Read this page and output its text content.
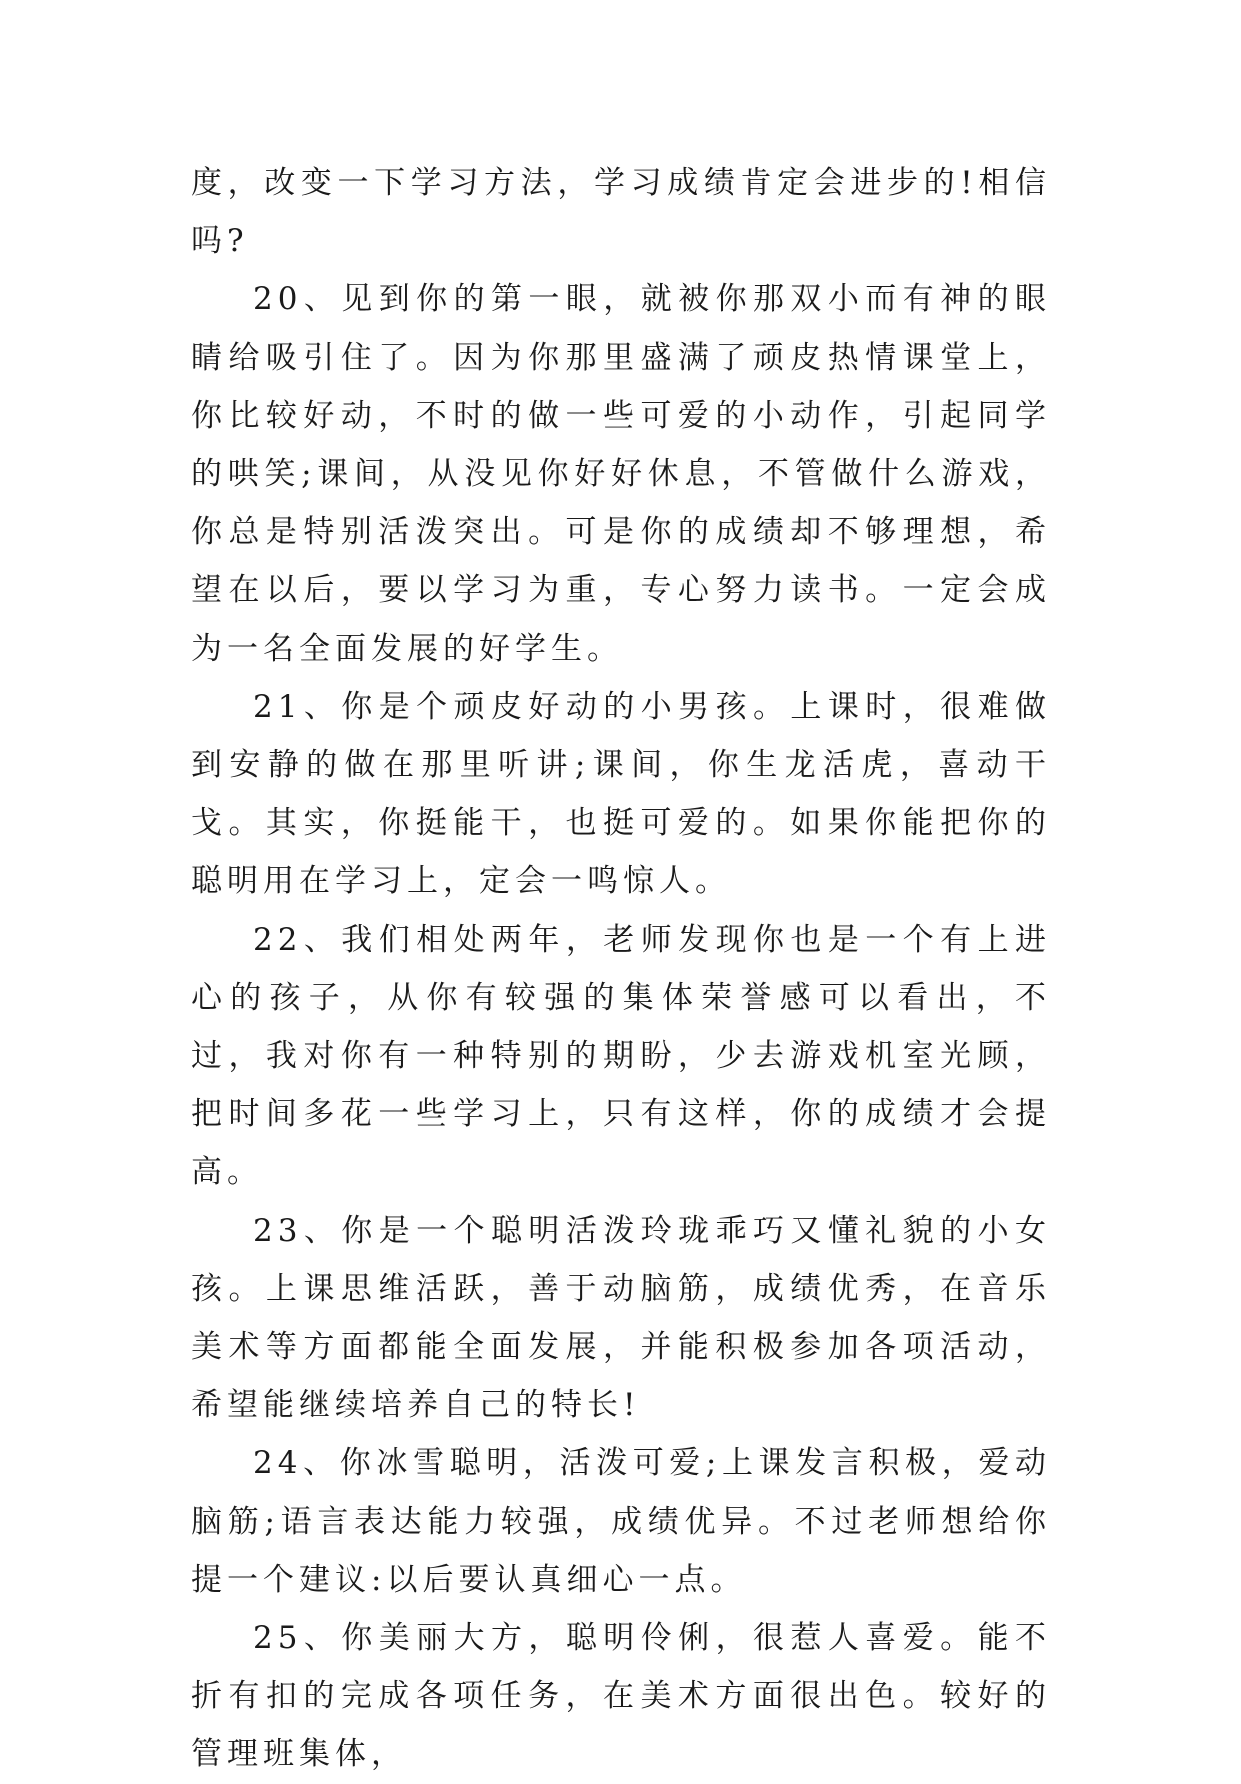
度，改变一下学习方法，学习成绩肯定会进步的!相信吗?

20、见到你的第一眼，就被你那双小而有神的眼睛给吸引住了。因为你那里盛满了顽皮热情课堂上，你比较好动，不时的做一些可爱的小动作，引起同学的哄笑;课间，从没见你好好休息，不管做什么游戏，你总是特别活泼突出。可是你的成绩却不够理想，希望在以后，要以学习为重，专心努力读书。一定会成为一名全面发展的好学生。

21、你是个顽皮好动的小男孩。上课时，很难做到安静的做在那里听讲;课间，你生龙活虎，喜动干戈。其实，你挺能干，也挺可爱的。如果你能把你的聪明用在学习上，定会一鸣惊人。

22、我们相处两年，老师发现你也是一个有上进心的孩子，从你有较强的集体荣誉感可以看出，不过，我对你有一种特别的期盼，少去游戏机室光顾，把时间多花一些学习上，只有这样，你的成绩才会提高。

23、你是一个聪明活泼玲珑乖巧又懂礼貌的小女孩。上课思维活跃，善于动脑筋，成绩优秀，在音乐美术等方面都能全面发展，并能积极参加各项活动，希望能继续培养自己的特长!

24、你冰雪聪明，活泼可爱;上课发言积极，爱动脑筋;语言表达能力较强，成绩优异。不过老师想给你提一个建议:以后要认真细心一点。

25、你美丽大方，聪明伶俐，很惹人喜爱。能不折有扣的完成各项任务，在美术方面很出色。较好的管理班集体，
